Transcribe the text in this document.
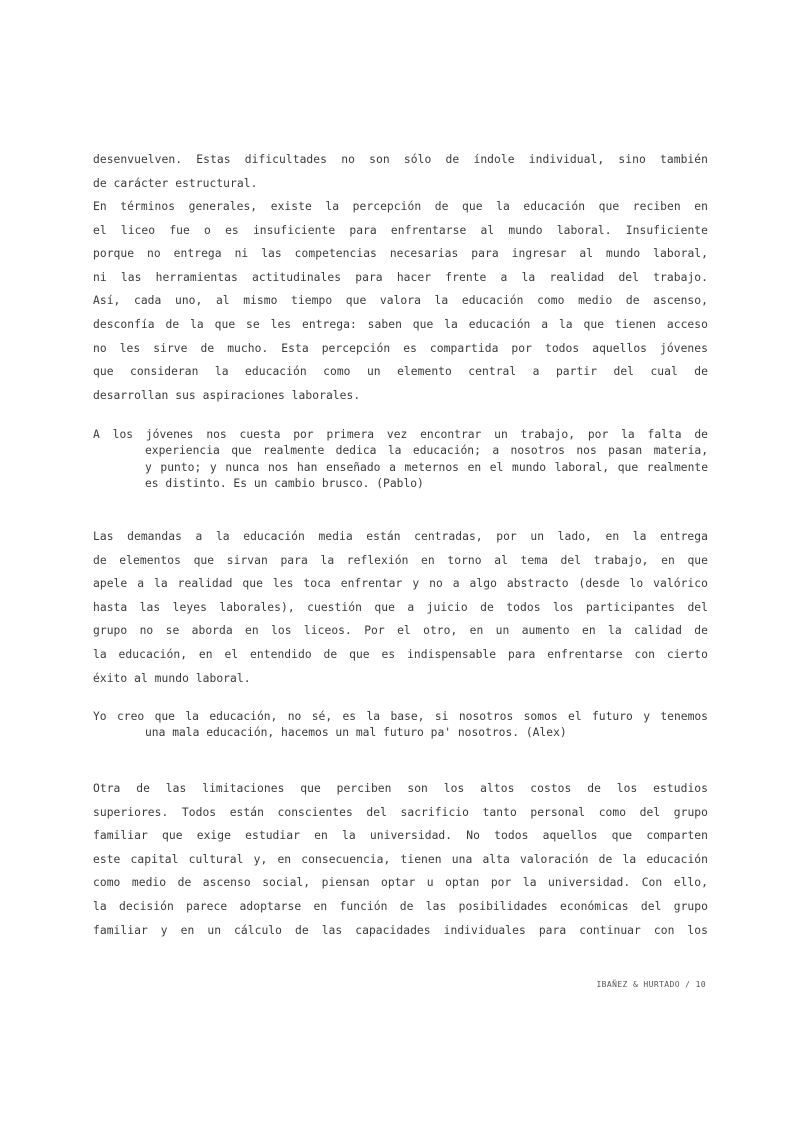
desenvuelven. Estas dificultades no son sólo de índole individual, sino también
de carácter estructural.
En términos generales, existe la percepción de que la educación que reciben en
el liceo fue o es insuficiente para enfrentarse al mundo laboral. Insuficiente
porque no entrega ni las competencias necesarias para ingresar al mundo laboral,
ni las herramientas actitudinales para hacer frente a la realidad del trabajo.
Así, cada uno, al mismo tiempo que valora la educación como medio de ascenso,
desconfía de la que se les entrega: saben que la educación a la que tienen acceso
no les sirve de mucho. Esta percepción es compartida por todos aquellos jóvenes
que consideran la educación como un elemento central a partir del cual de
desarrollan sus aspiraciones laborales.
A los jóvenes nos cuesta por primera vez encontrar un trabajo, por la falta de
experiencia que realmente dedica la educación; a nosotros nos pasan materia,
y punto; y nunca nos han enseñado a meternos en el mundo laboral, que realmente
es distinto. Es un cambio brusco. (Pablo)
Las demandas a la educación media están centradas, por un lado, en la entrega
de elementos que sirvan para la reflexión en torno al tema del trabajo, en que
apele a la realidad que les toca enfrentar y no a algo abstracto (desde lo valórico
hasta las leyes laborales), cuestión que a juicio de todos los participantes del
grupo no se aborda en los liceos. Por el otro, en un aumento en la calidad de
la educación, en el entendido de que es indispensable para enfrentarse con cierto
éxito al mundo laboral.
Yo creo que la educación, no sé, es la base, si nosotros somos el futuro y tenemos
una mala educación, hacemos un mal futuro pa' nosotros. (Alex)
Otra de las limitaciones que perciben son los altos costos de los estudios
superiores. Todos están conscientes del sacrificio tanto personal como del grupo
familiar que exige estudiar en la universidad. No todos aquellos que comparten
este capital cultural y, en consecuencia, tienen una alta valoración de la educación
como medio de ascenso social, piensan optar u optan por la universidad. Con ello,
la decisión parece adoptarse en función de las posibilidades económicas del grupo
familiar y en un cálculo de las capacidades individuales para continuar con los
IBAÑEZ & HURTADO / 10
